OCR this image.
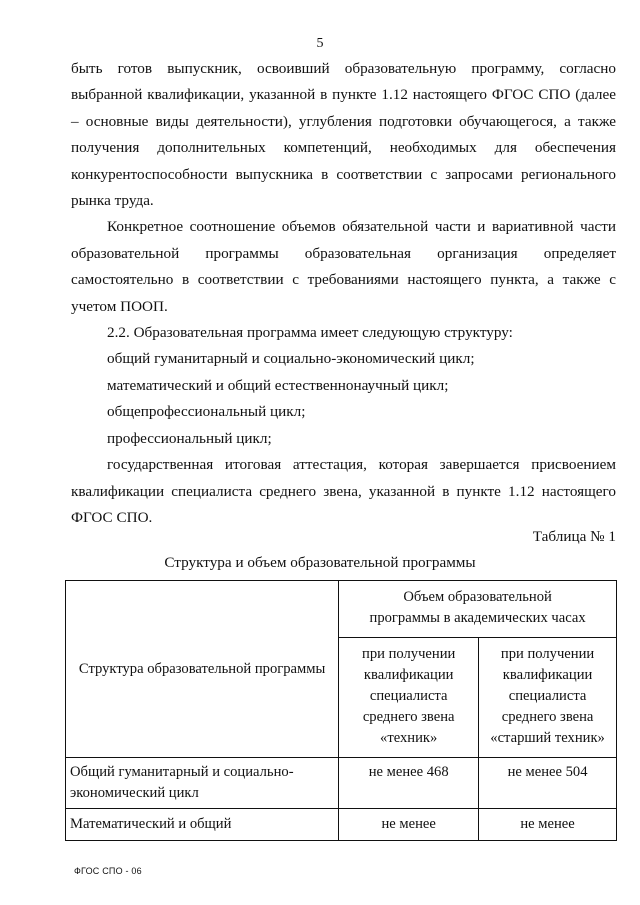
5

быть готов выпускник, освоивший образовательную программу, согласно выбранной квалификации, указанной в пункте 1.12 настоящего ФГОС СПО (далее – основные виды деятельности), углубления подготовки обучающегося, а также получения дополнительных компетенций, необходимых для обеспечения конкурентоспособности выпускника в соответствии с запросами регионального рынка труда.

Конкретное соотношение объемов обязательной части и вариативной части образовательной программы образовательная организация определяет самостоятельно в соответствии с требованиями настоящего пункта, а также с учетом ПООП.

2.2. Образовательная программа имеет следующую структуру:

общий гуманитарный и социально-экономический цикл;

математический и общий естественнонаучный цикл;

общепрофессиональный цикл;

профессиональный цикл;

государственная итоговая аттестация, которая завершается присвоением квалификации специалиста среднего звена, указанной в пункте 1.12 настоящего ФГОС СПО.

Таблица № 1
Структура и объем образовательной программы
Структура образовательной программы	Объем образовательной программы в академических часах	
	при получении квалификации специалиста среднего звена «техник»	при получении квалификации специалиста среднего звена «старший техник»
Общий гуманитарный и социально-экономический цикл	не менее 468	не менее 504
Математический и общий	не менее	не менее
ФГОС СПО - 06
